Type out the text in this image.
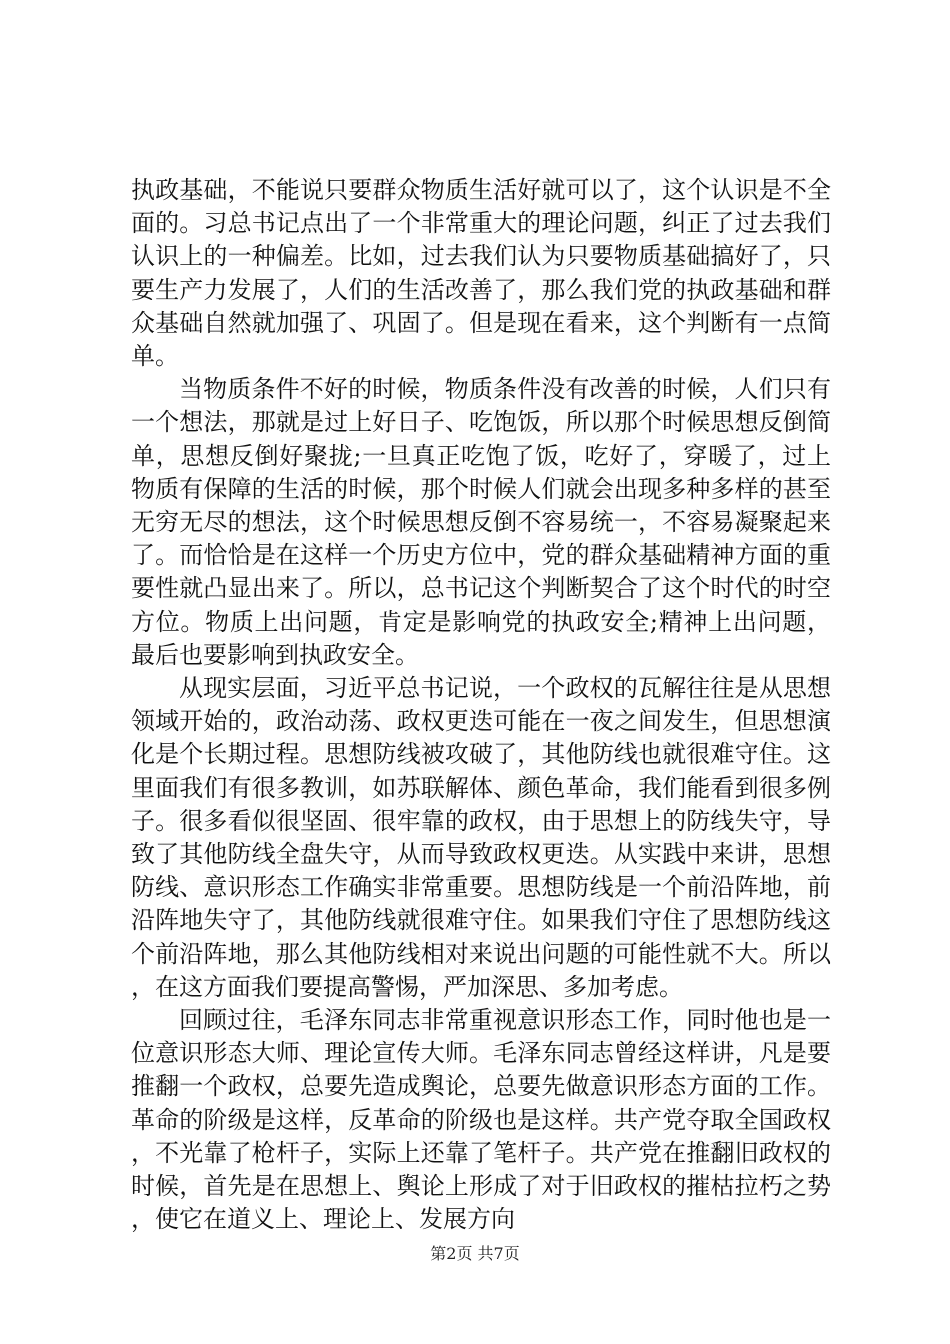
执政基础，不能说只要群众物质生活好就可以了，这个认识是不全面的。习总书记点出了一个非常重大的理论问题，纠正了过去我们认识上的一种偏差。比如，过去我们认为只要物质基础搞好了，只要生产力发展了，人们的生活改善了，那么我们党的执政基础和群众基础自然就加强了、巩固了。但是现在看来，这个判断有一点简单。

当物质条件不好的时候，物质条件没有改善的时候，人们只有一个想法，那就是过上好日子、吃饱饭，所以那个时候思想反倒简单，思想反倒好聚拢;一旦真正吃饱了饭，吃好了，穿暖了，过上物质有保障的生活的时候，那个时候人们就会出现多种多样的甚至无穷无尽的想法，这个时候思想反倒不容易统一，不容易凝聚起来了。而恰恰是在这样一个历史方位中，党的群众基础精神方面的重要性就凸显出来了。所以，总书记这个判断契合了这个时代的时空方位。物质上出问题，肯定是影响党的执政安全;精神上出问题，最后也要影响到执政安全。

从现实层面，习近平总书记说，一个政权的瓦解往往是从思想领域开始的，政治动荡、政权更迭可能在一夜之间发生，但思想演化是个长期过程。思想防线被攻破了，其他防线也就很难守住。这里面我们有很多教训，如苏联解体、颜色革命，我们能看到很多例子。很多看似很坚固、很牢靠的政权，由于思想上的防线失守，导致了其他防线全盘失守，从而导致政权更迭。从实践中来讲，思想防线、意识形态工作确实非常重要。思想防线是一个前沿阵地，前沿阵地失守了，其他防线就很难守住。如果我们守住了思想防线这个前沿阵地，那么其他防线相对来说出问题的可能性就不大。所以，在这方面我们要提高警惕，严加深思、多加考虑。

回顾过往，毛泽东同志非常重视意识形态工作，同时他也是一位意识形态大师、理论宣传大师。毛泽东同志曾经这样讲，凡是要推翻一个政权，总要先造成舆论，总要先做意识形态方面的工作。革命的阶级是这样，反革命的阶级也是这样。共产党夺取全国政权，不光靠了枪杆子，实际上还靠了笔杆子。共产党在推翻旧政权的时候，首先是在思想上、舆论上形成了对于旧政权的摧枯拉朽之势，使它在道义上、理论上、发展方向

第2页 共7页
